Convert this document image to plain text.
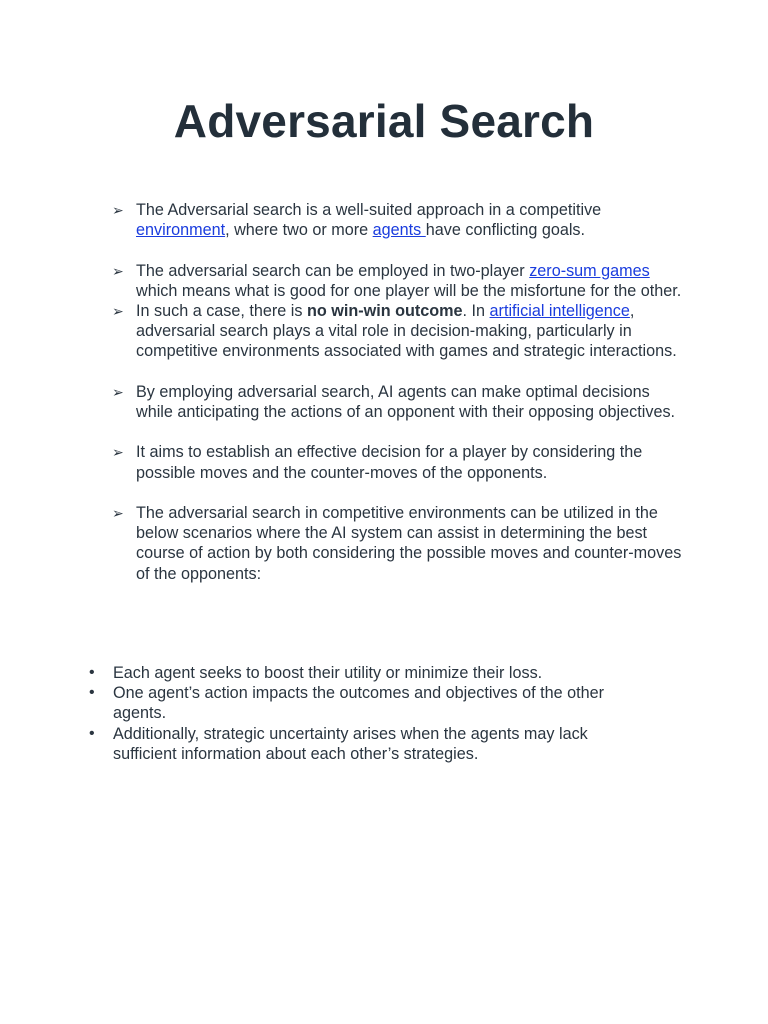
Adversarial Search
➢ The Adversarial search is a well-suited approach in a competitive environment, where two or more agents have conflicting goals.
➢ The adversarial search can be employed in two-player zero-sum games which means what is good for one player will be the misfortune for the other.
➢ In such a case, there is no win-win outcome. In artificial intelligence, adversarial search plays a vital role in decision-making, particularly in competitive environments associated with games and strategic interactions.
➢ By employing adversarial search, AI agents can make optimal decisions while anticipating the actions of an opponent with their opposing objectives.
➢ It aims to establish an effective decision for a player by considering the possible moves and the counter-moves of the opponents.
➢ The adversarial search in competitive environments can be utilized in the below scenarios where the AI system can assist in determining the best course of action by both considering the possible moves and counter-moves of the opponents:
• Each agent seeks to boost their utility or minimize their loss.
• One agent’s action impacts the outcomes and objectives of the other agents.
• Additionally, strategic uncertainty arises when the agents may lack sufficient information about each other’s strategies.
